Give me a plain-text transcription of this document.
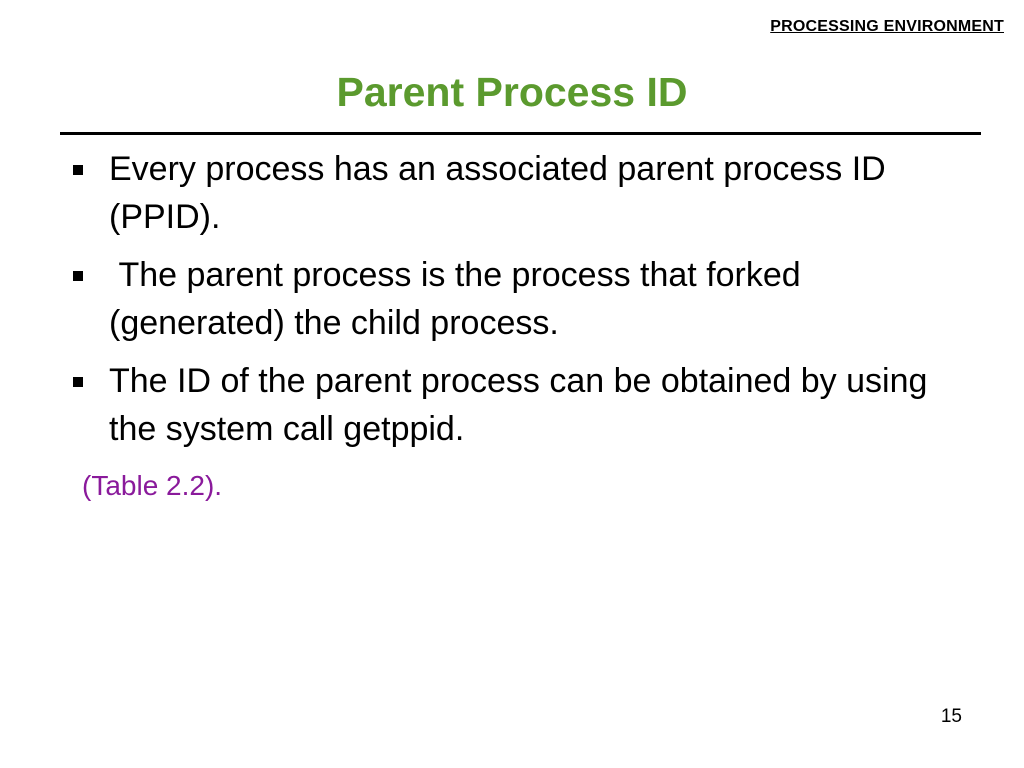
PROCESSING ENVIRONMENT
Parent Process ID
Every process has an associated parent process ID (PPID).
The parent process is the process that forked (generated) the child process.
The ID of the parent process can be obtained by using the system call getppid.
(Table 2.2).
15
